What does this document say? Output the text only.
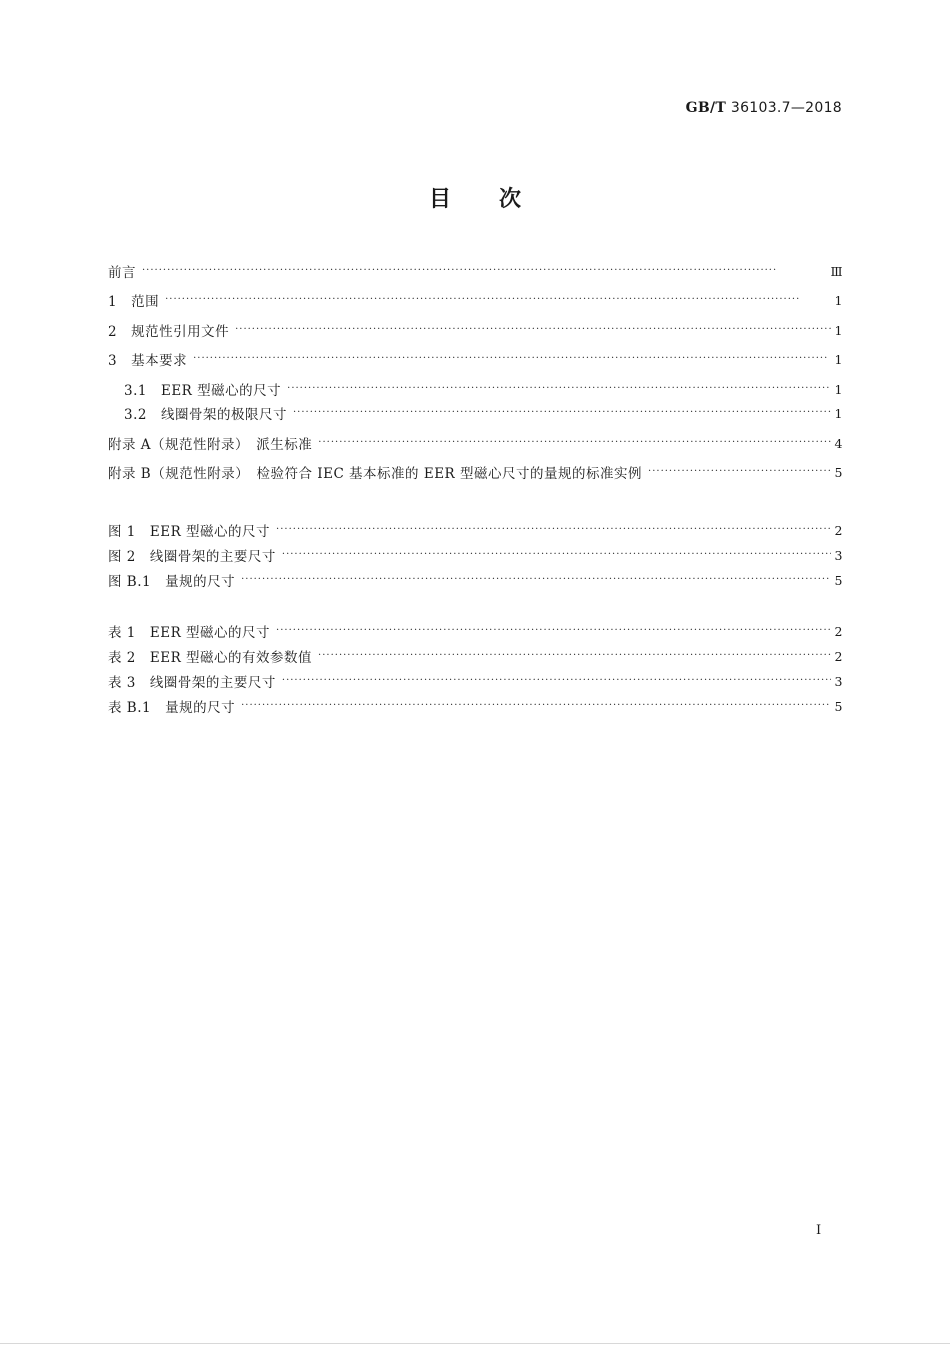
GB/T 36103.7—2018
目次
前言 ·····	Ⅲ
1　范围 ·····	1
2　规范性引用文件 ·····	1
3　基本要求 ·····	1
3.1　EER 型磁心的尺寸 ·····	1
3.2　线圈骨架的极限尺寸 ·····	1
附录 A（规范性附录）　派生标准 ·····	4
附录 B（规范性附录）　检验符合 IEC 基本标准的 EER 型磁心尺寸的量规的标准实例 ·····	5
图 1　EER 型磁心的尺寸 ·····	2
图 2　线圈骨架的主要尺寸 ·····	3
图 B.1　量规的尺寸 ·····	5
表 1　EER 型磁心的尺寸 ·····	2
表 2　EER 型磁心的有效参数值 ·····	2
表 3　线圈骨架的主要尺寸 ·····	3
表 B.1　量规的尺寸 ·····	5
I
